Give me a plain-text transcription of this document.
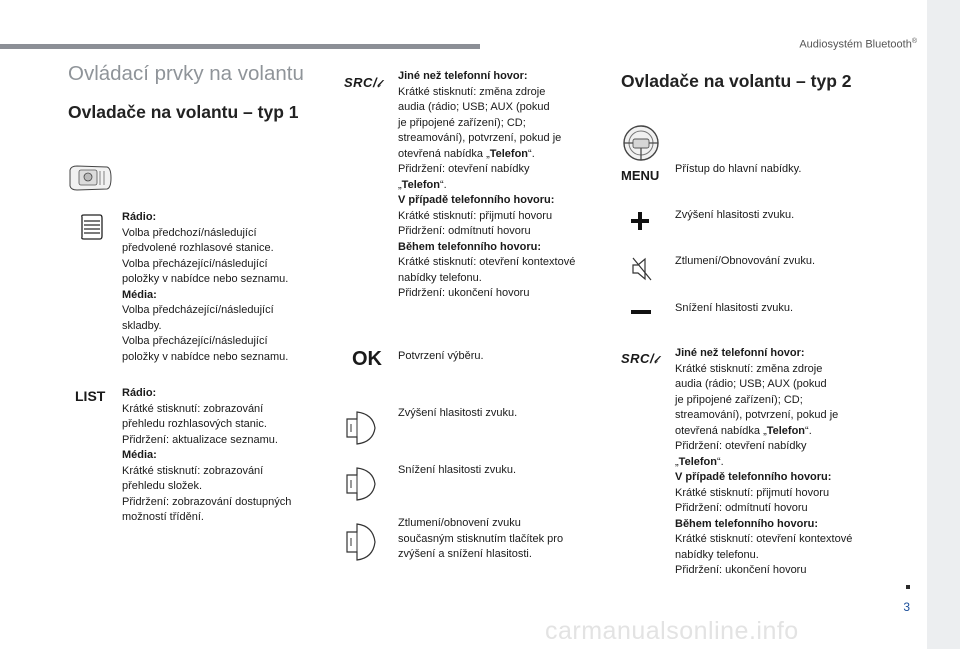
Audiosystém Bluetooth®
3
carmanualsonline.info
Ovládací prvky na volantu
Ovladače na volantu – typ 1
Rádio:
Volba předchozí/následující
předvolené rozhlasové stanice.
Volba přecházející/následující
položky v nabídce nebo seznamu.
Média:
Volba předcházející/následující
skladby.
Volba přecházející/následující
položky v nabídce nebo seznamu.
LIST Rádio:
Krátké stisknutí: zobrazování
přehledu rozhlasových stanic.
Přidržení: aktualizace seznamu.
Média:
Krátké stisknutí: zobrazování
přehledu složek.
Přidržení: zobrazování dostupných
možností třídění.
SRC/𝓁
Jiné než telefonní hovor:
Krátké stisknutí: změna zdroje
audia (rádio; USB; AUX (pokud
je připojené zařízení); CD;
streamování), potvrzení, pokud je
otevřená nabídka „Telefon“.
Přidržení: otevření nabídky
„Telefon“.
V případě telefonního hovoru:
Krátké stisknutí: přijmutí hovoru
Přidržení: odmítnutí hovoru
Během telefonního hovoru:
Krátké stisknutí: otevření kontextové
nabídky telefonu.
Přidržení: ukončení hovoru
OK Potvrzení výběru.
Zvýšení hlasitosti zvuku.
Snížení hlasitosti zvuku.
Ztlumení/obnovení zvuku
současným stisknutím tlačítek pro
zvýšení a snížení hlasitosti.
Ovladače na volantu – typ 2
MENU Přístup do hlavní nabídky.
Zvýšení hlasitosti zvuku.
Ztlumení/Obnovování zvuku.
Snížení hlasitosti zvuku.
SRC/𝓁
Jiné než telefonní hovor:
Krátké stisknutí: změna zdroje
audia (rádio; USB; AUX (pokud
je připojené zařízení); CD;
streamování), potvrzení, pokud je
otevřená nabídka „Telefon“.
Přidržení: otevření nabídky
„Telefon“.
V případě telefonního hovoru:
Krátké stisknutí: přijmutí hovoru
Přidržení: odmítnutí hovoru
Během telefonního hovoru:
Krátké stisknutí: otevření kontextové
nabídky telefonu.
Přidržení: ukončení hovoru
